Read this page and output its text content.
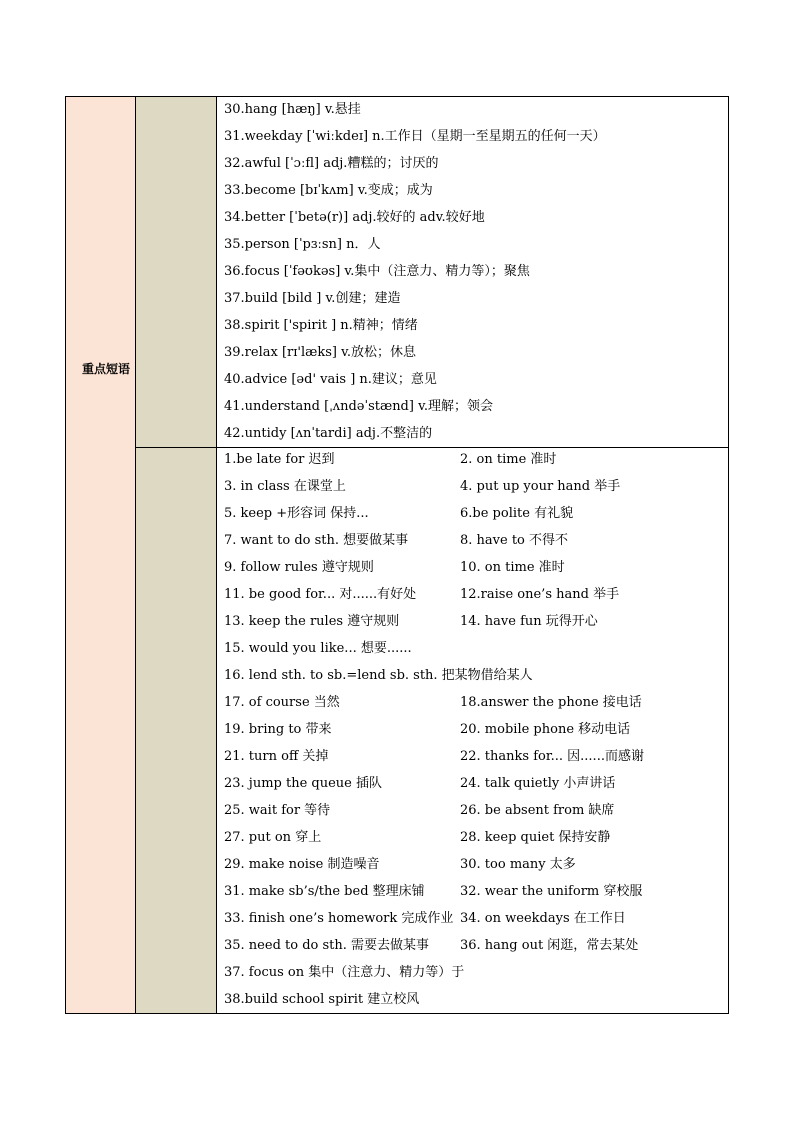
重点短语
30.hang [hæŋ] v.悬挂
31.weekday [ˈwiːkdeɪ] n.工作日（星期一至星期五的任何一天）
32.awful [ˈɔːfl] adj.糟糕的；讨厌的
33.become [bɪˈkʌm] v.变成；成为
34.better [ˈbetə(r)] adj.较好的 adv.较好地
35.person [ˈpɜːsn] n．人
36.focus [ˈfəʊkəs] v.集中（注意力、精力等）；聚焦
37.build [bild ] v.创建；建造
38.spirit ['spirit ] n.精神；情绪
39.relax [rɪ'læks] v.放松；休息
40.advice [əd' vais ] n.建议；意见
41.understand [ˌʌndəˈstænd] v.理解；领会
42.untidy [ʌnˈtardi] adj.不整洁的
1.be late for 迟到	2. on time 准时
3. in class 在课堂上	4. put up your hand 举手
5. keep +形容词 保持...	6.be polite 有礼貌
7. want to do sth. 想要做某事	8. have to 不得不
9. follow rules 遵守规则	10. on time 准时
11. be good for... 对......有好处	12.raise one’s hand 举手
13. keep the rules 遵守规则	14. have fun 玩得开心
15. would you like... 想要......
16. lend sth. to sb.=lend sb. sth. 把某物借给某人
17. of course 当然	18.answer the phone 接电话
19. bring to 带来	20. mobile phone 移动电话
21. turn off 关掉	22. thanks for... 因......而感谢
23. jump the queue 插队	24. talk quietly 小声讲话
25. wait for 等待	26. be absent from 缺席
27. put on 穿上	28. keep quiet 保持安静
29. make noise 制造噪音	30. too many 太多
31. make sb’s/the bed 整理床铺	32. wear the uniform 穿校服
33. finish one’s homework 完成作业 34. on weekdays 在工作日
35. need to do sth. 需要去做某事 36. hang out 闲逛，常去某处
37. focus on 集中（注意力、精力等）于
38.build school spirit 建立校风
